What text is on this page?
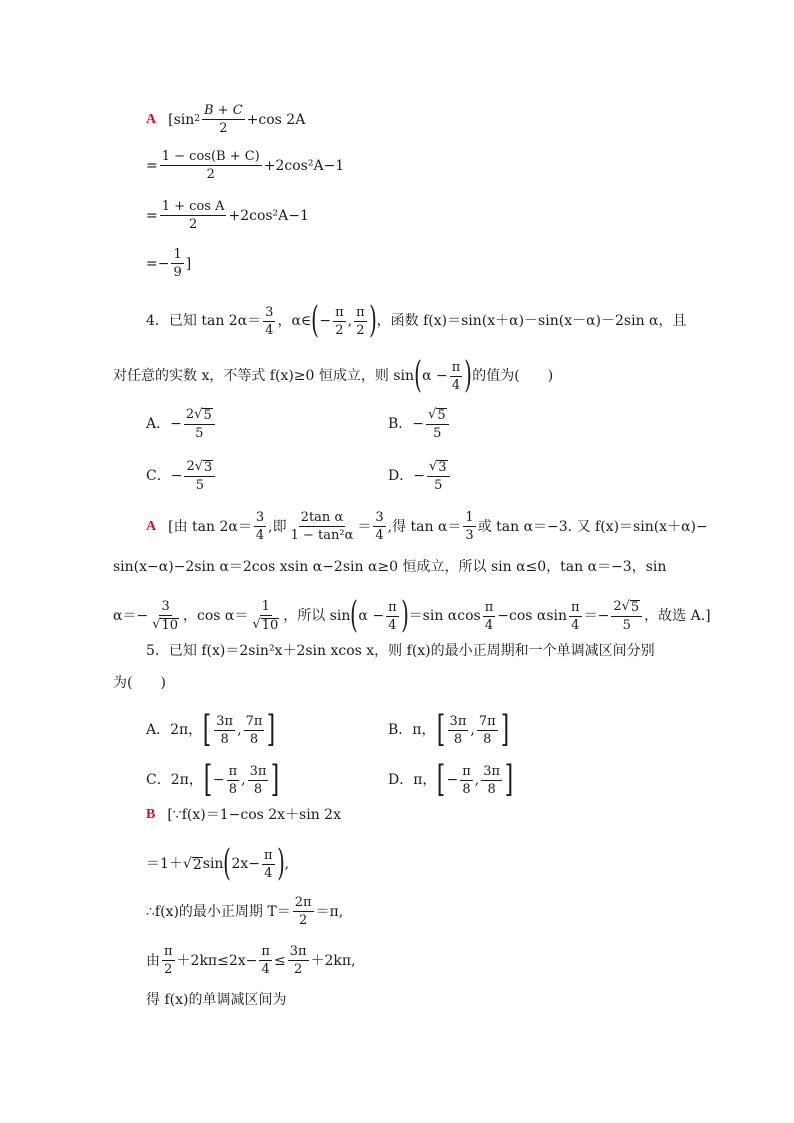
A [sin $2 \frac{B + C}{2} +\cos$ 2A
= $\frac{1 - \cos(B + C)}{2} +2\cos^2A-1$
= $\frac{\text{1 + cos A}}{2} +2\cos^2A-1$
=− $\frac{1}{9}$ ]
4．已知 $\tan 2\alpha= \frac{3}{4}$ ，α∈ ( − $\frac{\pi}{2}$ , $\frac{\pi}{2}$ ) ，函数 f(x)＝sin(x＋α)－sin(x－α)－2sin α，且
对任意的实数 x，不等式 f(x)≥0 恒成立，则 sin ( $\alpha - \frac{\pi}{4}$ ) 的值为(　　)
A． − $\frac{2√ 5}{5}$	B． − $\frac{√ 5}{5}$
C． − $\frac{2√ 3}{5}$	D． − $\frac{√ 3}{5}$
A [由 $\tan 2\alpha= \frac{3}{4}$ ,即 $\frac{\text{2tan α}}{\text{1 − tan²α}} = \frac{3}{4}$ ,得 $\tan \alpha= \frac{1}{3}$ 或 tan α＝−3. 又 f(x)＝sin(x＋α)−
sin(x−α)−2sin α＝2cos xsin α−2sin α≥0 恒成立，所以 sin α≤0，tan α＝−3，sin
$\alpha=- \frac{3}{√ 10}$ ，$\cos \alpha= \frac{1}{√ 10}$ ，所以 sin ( $\alpha - \frac{\pi}{4}$ ) ＝sin αcos $\frac{\pi}{4} -\cos$ αsin $\frac{\pi}{4} =- \frac{2√ 5}{5}$ ，故选 A.]
5．已知 f(x)＝2sin²x＋2sin xcos x，则 f(x)的最小正周期和一个单调减区间分别
为(　　)
A． 2π， [ $\frac{3\pi}{8}$ , $\frac{7\pi}{8}$ ]	B． π， [ $\frac{3\pi}{8}$ , $\frac{7\pi}{8}$ ]
C． 2π， [ − $\frac{\pi}{8}$ , $\frac{3\pi}{8}$ ]	D． π， [ − $\frac{\pi}{8}$ , $\frac{3\pi}{8}$ ]
B [∵f(x)＝1−cos 2x＋sin 2x
＝1＋ √ 2 sin ( $2x- \frac{\pi}{4}$ ) ,
∴f(x)的最小正周期 $T= \frac{2\pi}{2} =\pi$,
由 $\frac{\pi}{2} +2k\pi\le 2x- \frac{\pi}{4} \le \frac{3\pi}{2} +2k\pi$,
得 f(x)的单调减区间为
